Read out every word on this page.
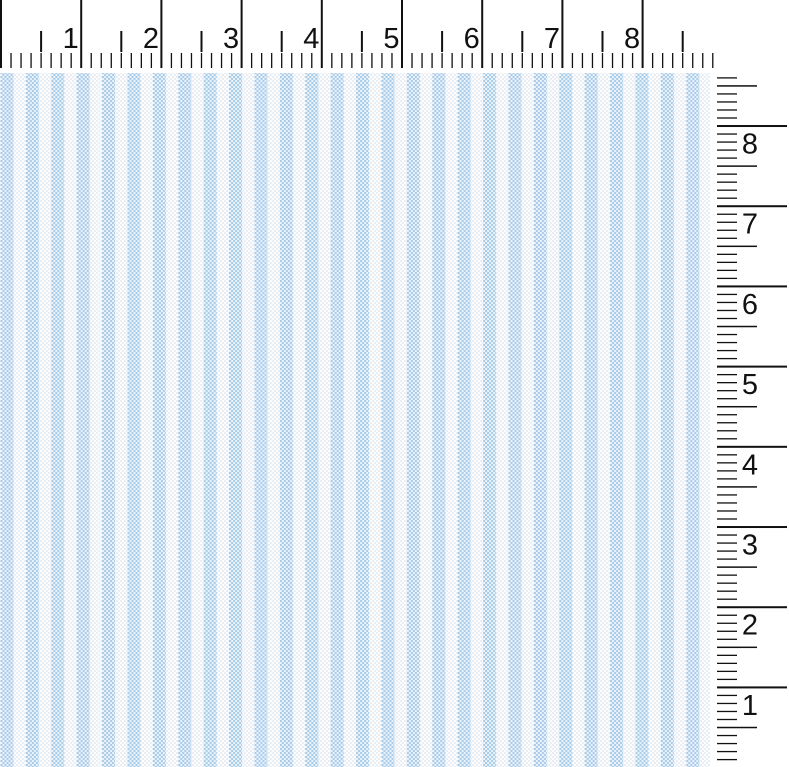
1 2 3 4 5 6 7 8
8
7
6
5
4
3
2
1
